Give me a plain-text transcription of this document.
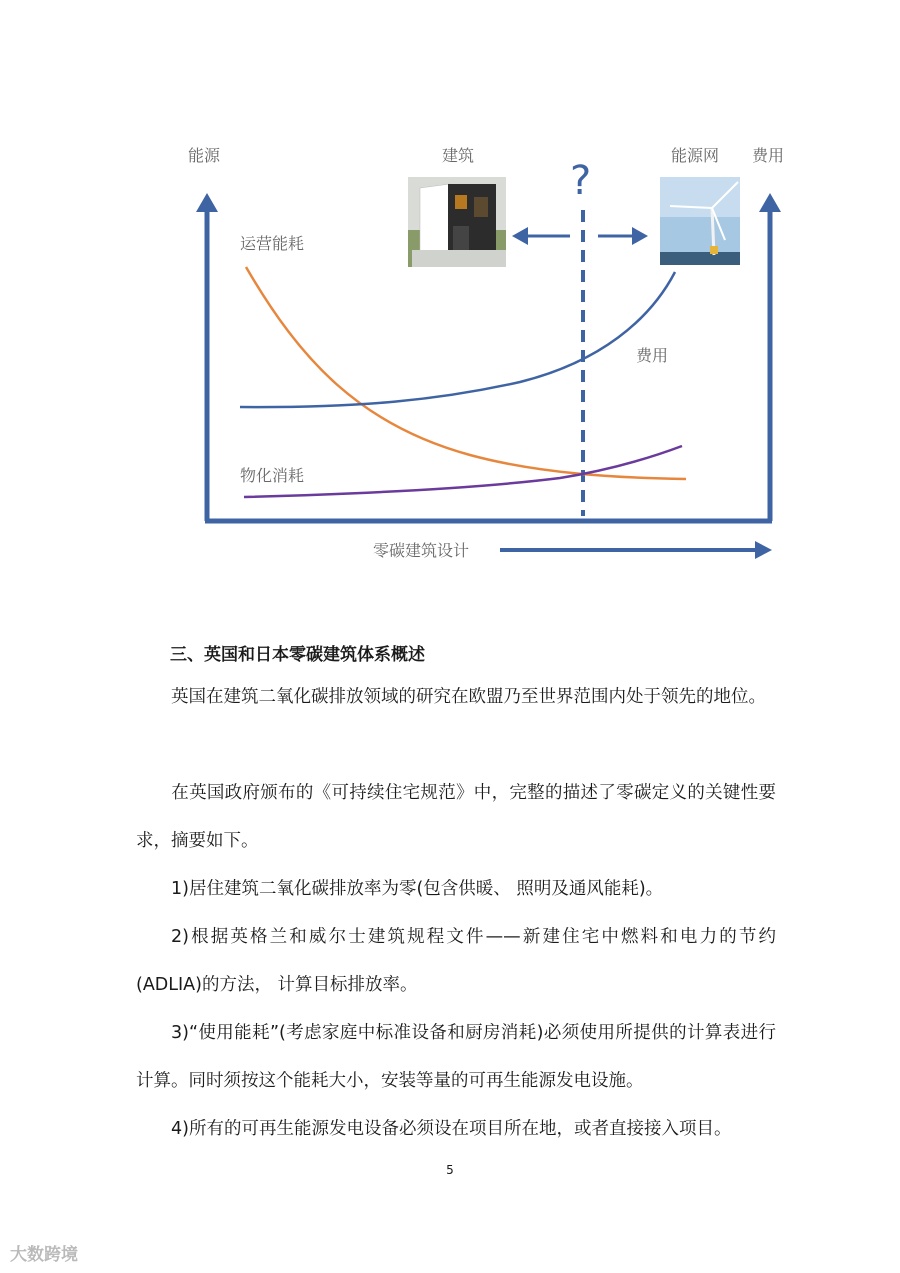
能源	费用
建筑	能源网
?
运营能耗
费用
物化消耗
零碳建筑设计
三、英国和日本零碳建筑体系概述

英国在建筑二氧化碳排放领域的研究在欧盟乃至世界范围内处于领先的地位。

在英国政府颁布的《可持续住宅规范》中，完整的描述了零碳定义的关键性要求，摘要如下。

1)居住建筑二氧化碳排放率为零(包含供暖、 照明及通风能耗)。

2)根据英格兰和威尔士建筑规程文件——新建住宅中燃料和电力的节约(ADLIA)的方法， 计算目标排放率。

3)“使用能耗”(考虑家庭中标准设备和厨房消耗)必须使用所提供的计算表进行计算。同时须按这个能耗大小，安装等量的可再生能源发电设施。

4)所有的可再生能源发电设备必须设在项目所在地，或者直接接入项目。

5
大数跨境
